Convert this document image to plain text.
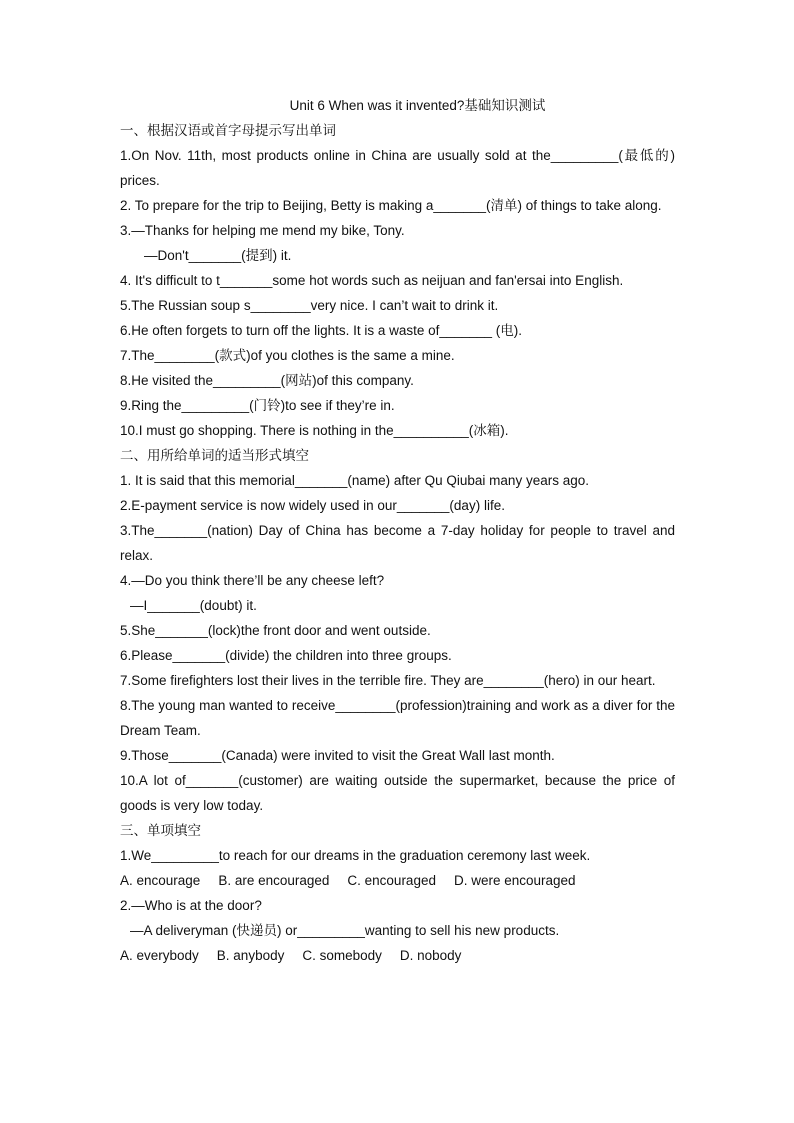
Unit 6 When was it invented?基础知识测试
一、根据汉语或首字母提示写出单词
1.On Nov. 11th, most products online in China are usually sold at the_________(最低的) prices.
2. To prepare for the trip to Beijing, Betty is making a_______(清单) of things to take along.
3.—Thanks for helping me mend my bike, Tony.
—Don't_______(提到) it.
4. It's difficult to t_______some hot words such as neijuan and fan'ersai into English.
5.The Russian soup s________very nice. I can’t wait to drink it.
6.He often forgets to turn off the lights. It is a waste of_______ (电).
7.The________(款式)of you clothes is the same a mine.
8.He visited the_________(网站)of this company.
9.Ring the_________(门铃)to see if they’re in.
10.I must go shopping. There is nothing in the__________(冰箱).
二、用所给单词的适当形式填空
1. It is said that this memorial_______(name) after Qu Qiubai many years ago.
2.E-payment service is now widely used in our_______(day) life.
3.The_______(nation) Day of China has become a 7-day holiday for people to travel and relax.
4.—Do you think there’ll be any cheese left?
—I_______(doubt) it.
5.She_______(lock)the front door and went outside.
6.Please_______(divide) the children into three groups.
7.Some firefighters lost their lives in the terrible fire. They are________(hero) in our heart.
8.The young man wanted to receive________(profession)training and work as a diver for the Dream Team.
9.Those_______(Canada) were invited to visit the Great Wall last month.
10.A lot of_______(customer) are waiting outside the supermarket, because the price of goods is very low today.
三、单项填空
1.We_________to reach for our dreams in the graduation ceremony last week.
A. encourage B. are encouraged C. encouraged D. were encouraged
2.—Who is at the door?
—A deliveryman (快递员) or_________wanting to sell his new products.
A. everybody B. anybody C. somebody D. nobody
